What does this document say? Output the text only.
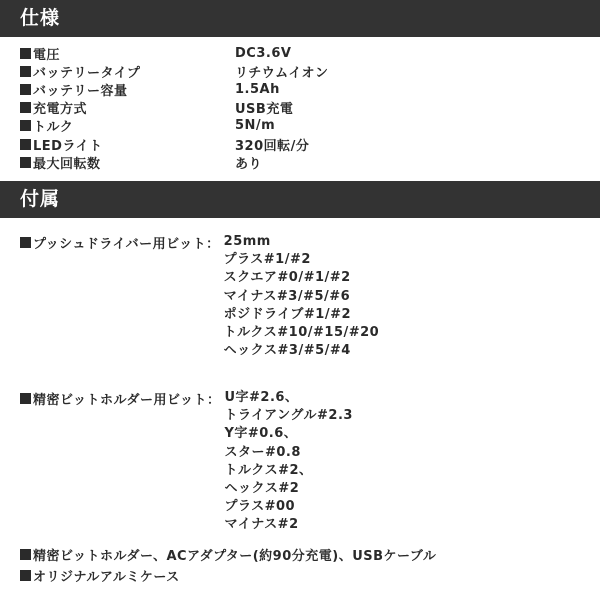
仕様
電圧	DC3.6V
バッテリータイプ	リチウムイオン
バッテリー容量	1.5Ah
充電方式	USB充電
トルク	5N/m
LEDライト	320回転/分
最大回転数	あり
付属
プッシュドライバー用ビット： 25mm
プラス#1/#2
スクエア#0/#1/#2
マイナス#3/#5/#6
ポジドライブ#1/#2
トルクス#10/#15/#20
ヘックス#3/#5/#4
精密ビットホルダー用ビット： U字#2.6、
トライアングル#2.3
Y字#0.6、
スター#0.8
トルクス#2、
ヘックス#2
プラス#00
マイナス#2
精密ビットホルダー、ACアダプター(約90分充電)、USBケーブル
オリジナルアルミケース
